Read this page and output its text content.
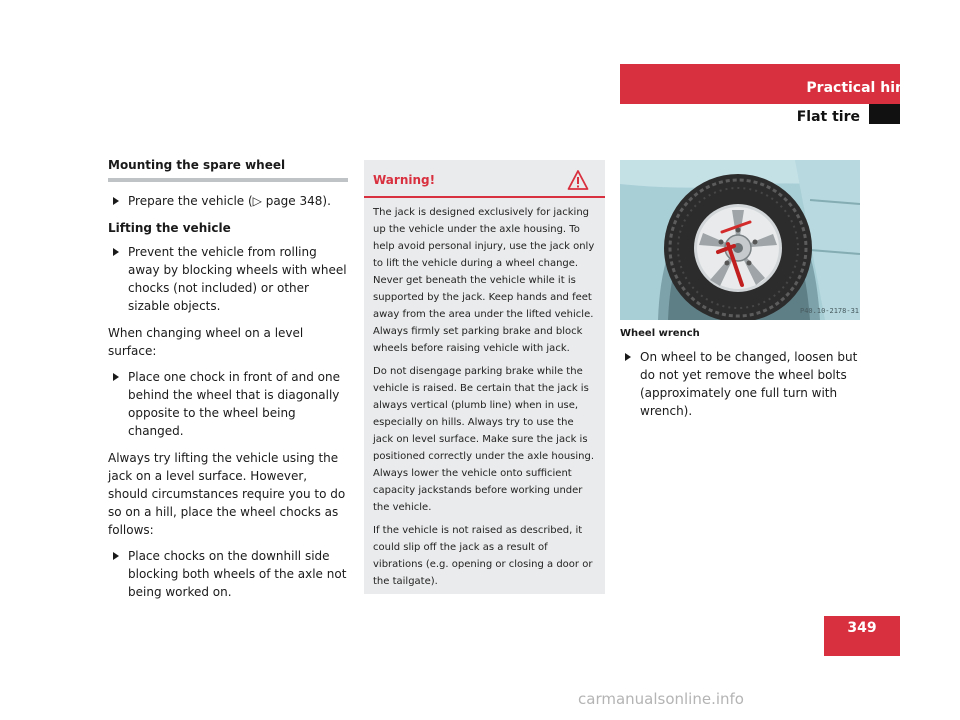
Practical hints
Flat tire
Mounting the spare wheel
Prepare the vehicle (▷ page 348).
Lifting the vehicle
Prevent the vehicle from rolling away by blocking wheels with wheel chocks (not included) or other sizable objects.
When changing wheel on a level surface:
Place one chock in front of and one behind the wheel that is diagonally opposite to the wheel being changed.
Always try lifting the vehicle using the jack on a level surface. However, should circumstances require you to do so on a hill, place the wheel chocks as follows:
Place chocks on the downhill side blocking both wheels of the axle not being worked on.
Warning!

The jack is designed exclusively for jacking up the vehicle under the axle housing. To help avoid personal injury, use the jack only to lift the vehicle during a wheel change. Never get beneath the vehicle while it is supported by the jack. Keep hands and feet away from the area under the lifted vehicle. Always firmly set parking brake and block wheels before raising vehicle with jack.

Do not disengage parking brake while the vehicle is raised. Be certain that the jack is always vertical (plumb line) when in use, especially on hills. Always try to use the jack on level surface. Make sure the jack is positioned correctly under the axle housing. Always lower the vehicle onto sufficient capacity jackstands before working under the vehicle.

If the vehicle is not raised as described, it could slip off the jack as a result of vibrations (e.g. opening or closing a door or the tailgate).

P40.10-2178-31
Wheel wrench
On wheel to be changed, loosen but do not yet remove the wheel bolts (approximately one full turn with wrench).
349
carmanualsonline.info
